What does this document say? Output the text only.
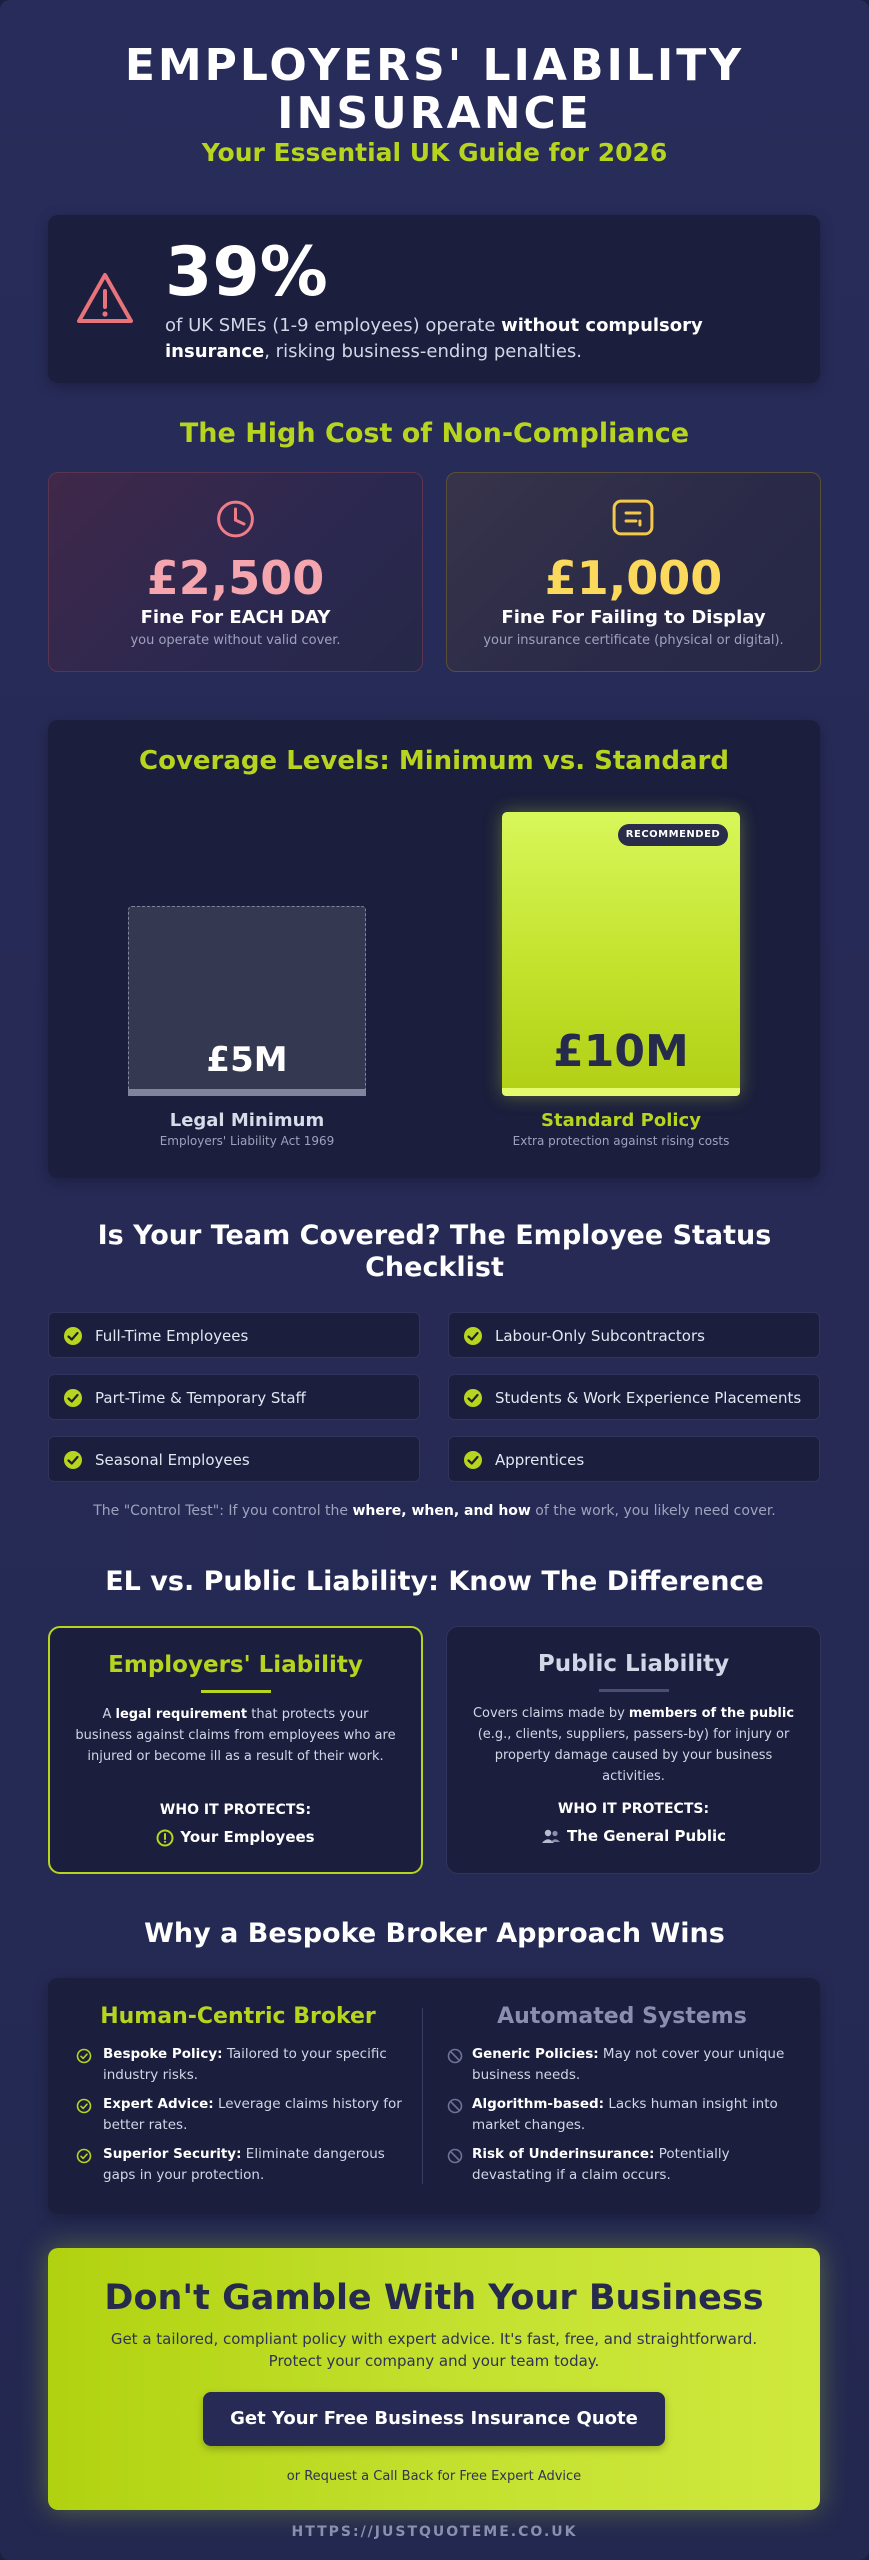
EMPLOYERS' LIABILITY
INSURANCE
Your Essential UK Guide for 2026
39%
of UK SMEs (1-9 employees) operate without compulsory insurance, risking business-ending penalties.
The High Cost of Non-Compliance
£2,500
Fine For EACH DAY
you operate without valid cover.
£1,000
Fine For Failing to Display
your insurance certificate (physical or digital).
Coverage Levels: Minimum vs. Standard
£5M	£10M
RECOMMENDED
Legal Minimum
Employers' Liability Act 1969
Standard Policy
Extra protection against rising costs
Is Your Team Covered? The Employee Status
Checklist
Full-Time Employees	Labour-Only Subcontractors
Part-Time & Temporary Staff	Students & Work Experience Placements
Seasonal Employees	Apprentices
The "Control Test": If you control the where, when, and how of the work, you likely need cover.
EL vs. Public Liability: Know The Difference
Employers' Liability
A legal requirement that protects your business against claims from employees who are injured or become ill as a result of their work.
WHO IT PROTECTS:
Your Employees
Public Liability
Covers claims made by members of the public (e.g., clients, suppliers, passers-by) for injury or property damage caused by your business activities.
WHO IT PROTECTS:
The General Public
Why a Bespoke Broker Approach Wins
Human-Centric Broker
Bespoke Policy: Tailored to your specific industry risks.
Expert Advice: Leverage claims history for better rates.
Superior Security: Eliminate dangerous gaps in your protection.
Automated Systems
Generic Policies: May not cover your unique business needs.
Algorithm-based: Lacks human insight into market changes.
Risk of Underinsurance: Potentially devastating if a claim occurs.
Don't Gamble With Your Business
Get a tailored, compliant policy with expert advice. It's fast, free, and straightforward.
Protect your company and your team today.
Get Your Free Business Insurance Quote
or Request a Call Back for Free Expert Advice
HTTPS://JUSTQUOTEME.CO.UK
